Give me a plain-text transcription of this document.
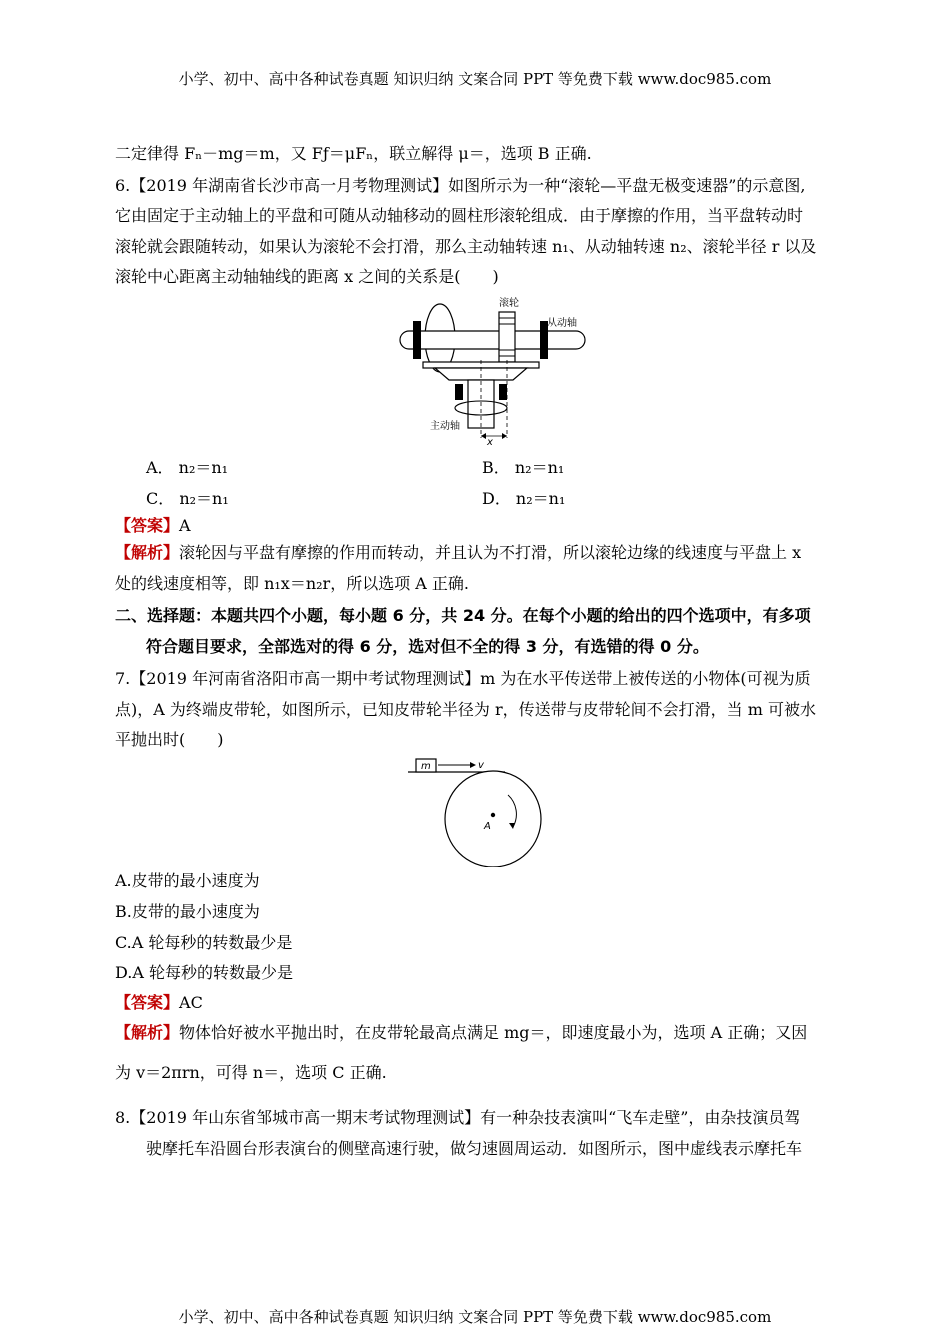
小学、初中、高中各种试卷真题 知识归纳 文案合同 PPT 等免费下载 www.doc985.com
二定律得 Fₙ－mg＝m，又 Fƒ＝μFₙ，联立解得 μ＝，选项 B 正确.
6.【2019 年湖南省长沙市高一月考物理测试】如图所示为一种“滚轮—平盘无极变速器”的示意图,
它由固定于主动轴上的平盘和可随从动轴移动的圆柱形滚轮组成．由于摩擦的作用，当平盘转动时
滚轮就会跟随转动，如果认为滚轮不会打滑，那么主动轴转速 n₁、从动轴转速 n₂、滚轮半径 r 以及
滚轮中心距离主动轴轴线的距离 x 之间的关系是(　　)
滚轮
从动轴
主动轴
x
A． n₂＝n₁	B． n₂＝n₁
C． n₂＝n₁	D． n₂＝n₁
【答案】A
【解析】滚轮因与平盘有摩擦的作用而转动，并且认为不打滑，所以滚轮边缘的线速度与平盘上 x
处的线速度相等，即 n₁x＝n₂r，所以选项 A 正确.
二、选择题：本题共四个小题，每小题 6 分，共 24 分。在每个小题的给出的四个选项中，有多项
符合题目要求，全部选对的得 6 分，选对但不全的得 3 分，有选错的得 0 分。
7.【2019 年河南省洛阳市高一期中考试物理测试】m 为在水平传送带上被传送的小物体(可视为质
点)，A 为终端皮带轮，如图所示，已知皮带轮半径为 r，传送带与皮带轮间不会打滑，当 m 可被水
平抛出时(　　)
m	v
A
A.皮带的最小速度为
B.皮带的最小速度为
C.A 轮每秒的转数最少是
D.A 轮每秒的转数最少是
【答案】AC
【解析】物体恰好被水平抛出时，在皮带轮最高点满足 mg＝，即速度最小为，选项 A 正确；又因
为 v＝2πrn，可得 n＝，选项 C 正确.
8.【2019 年山东省邹城市高一期末考试物理测试】有一种杂技表演叫“飞车走壁”，由杂技演员驾
驶摩托车沿圆台形表演台的侧壁高速行驶，做匀速圆周运动．如图所示，图中虚线表示摩托车
小学、初中、高中各种试卷真题 知识归纳 文案合同 PPT 等免费下载 www.doc985.com
